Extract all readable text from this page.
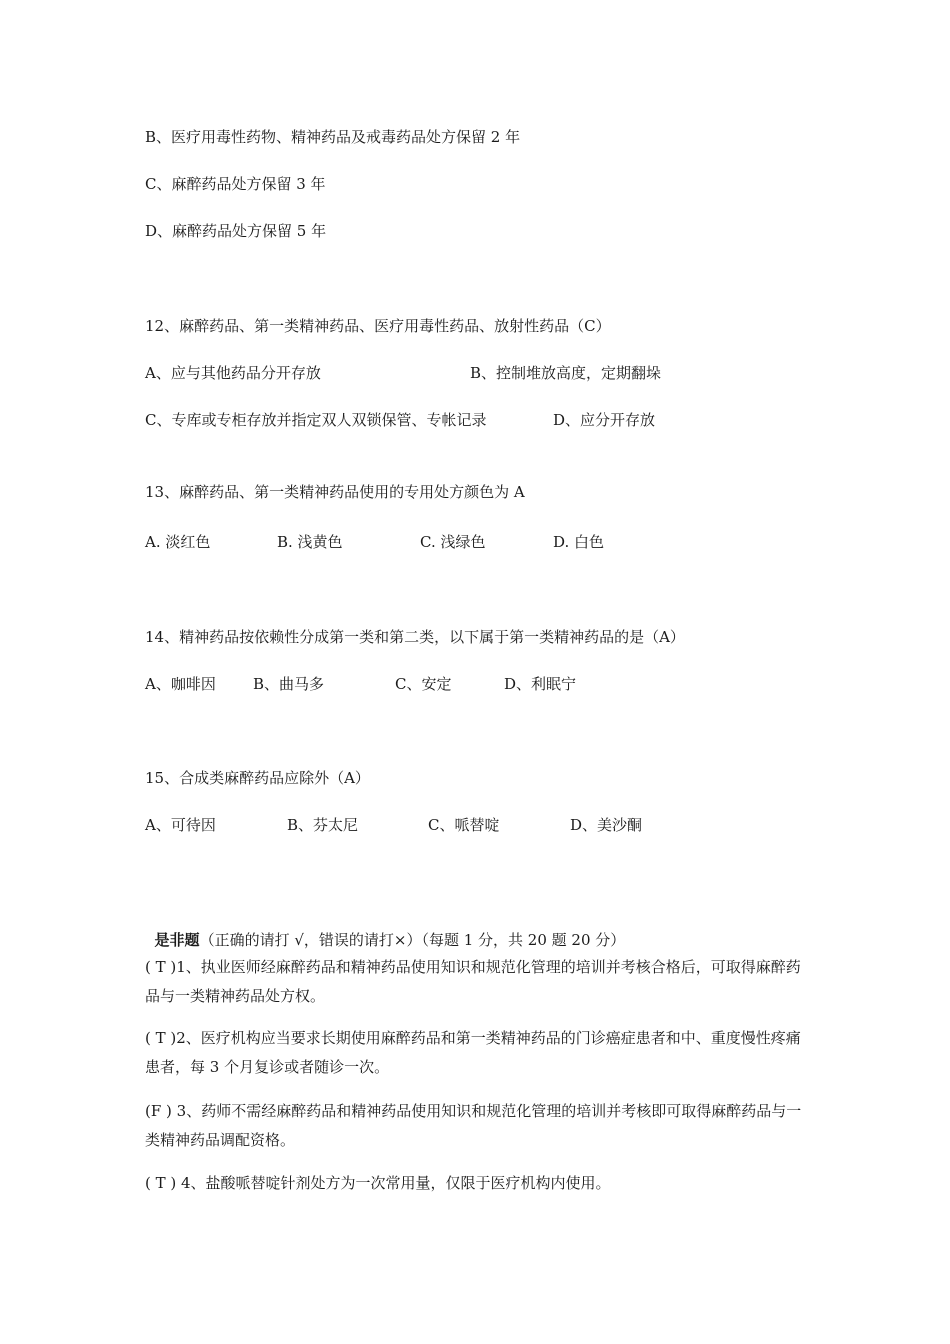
B、医疗用毒性药物、精神药品及戒毒药品处方保留 2 年
C、麻醉药品处方保留 3 年
D、麻醉药品处方保留 5 年
12、麻醉药品、第一类精神药品、医疗用毒性药品、放射性药品（C）
A、应与其他药品分开存放	B、控制堆放高度，定期翻垛
C、专库或专柜存放并指定双人双锁保管、专帐记录	D、应分开存放
13、麻醉药品、第一类精神药品使用的专用处方颜色为 A
A. 淡红色	B. 浅黄色	C. 浅绿色	D. 白色
14、精神药品按依赖性分成第一类和第二类，以下属于第一类精神药品的是（A）
A、咖啡因 B、曲马多	C、安定	D、利眠宁
15、合成类麻醉药品应除外（A）
A、可待因	B、芬太尼	C、哌替啶	D、美沙酮

是非题（正确的请打 √，错误的请打×）（每题 1 分，共 20 题 20 分）

( T )1、执业医师经麻醉药品和精神药品使用知识和规范化管理的培训并考核合格后，可取得麻醉药品与一类精神药品处方权。
( T )2、医疗机构应当要求长期使用麻醉药品和第一类精神药品的门诊癌症患者和中、重度慢性疼痛患者，每 3 个月复诊或者随诊一次。
(F ) 3、药师不需经麻醉药品和精神药品使用知识和规范化管理的培训并考核即可取得麻醉药品与一类精神药品调配资格。
( T ) 4、盐酸哌替啶针剂处方为一次常用量，仅限于医疗机构内使用。
